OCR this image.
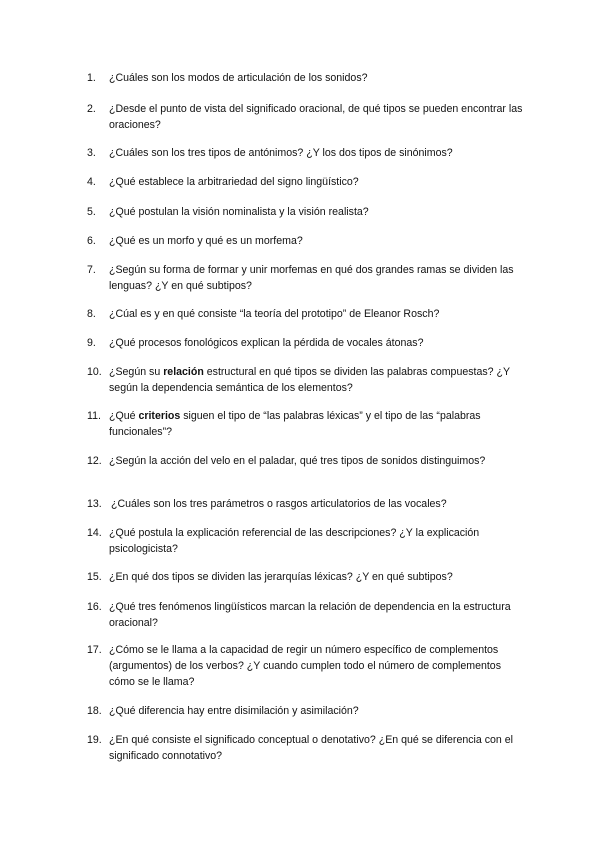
1.	¿Cuáles son los modos de articulación de los sonidos?
2.	¿Desde el punto de vista del significado oracional, de qué tipos se pueden encontrar las oraciones?
3.	¿Cuáles son los tres tipos de antónimos? ¿Y los dos tipos de sinónimos?
4.	¿Qué establece la arbitrariedad del signo lingüístico?
5.	¿Qué postulan la visión nominalista y la visión realista?
6.	¿Qué es un morfo y qué es un morfema?
7.	¿Según su forma de formar y unir morfemas en qué dos grandes ramas se dividen las lenguas? ¿Y en qué subtipos?
8.	¿Cúal es y en qué consiste “la teoría del prototipo” de Eleanor Rosch?
9.	¿Qué procesos fonológicos explican la pérdida de vocales átonas?
10. ¿Según su relación estructural en qué tipos se dividen las palabras compuestas? ¿Y según la dependencia semántica de los elementos?
11. ¿Qué criterios siguen el tipo de “las palabras léxicas” y el tipo de las “palabras funcionales”?
12. ¿Según la acción del velo en el paladar, qué tres tipos de sonidos distinguimos?
13. ¿Cuáles son los tres parámetros o rasgos articulatorios de las vocales?
14. ¿Qué postula la explicación referencial de las descripciones? ¿Y la explicación psicologicista?
15. ¿En qué dos tipos se dividen las jerarquías léxicas? ¿Y en qué subtipos?
16. ¿Qué tres fenómenos lingüísticos marcan la relación de dependencia en la estructura oracional?
17. ¿Cómo se le llama a la capacidad de regir un número específico de complementos (argumentos) de los verbos? ¿Y cuando cumplen todo el número de complementos cómo se le llama?
18. ¿Qué diferencia hay entre disimilación y asimilación?
19. ¿En qué consiste el significado conceptual o denotativo? ¿En qué se diferencia con el significado connotativo?
